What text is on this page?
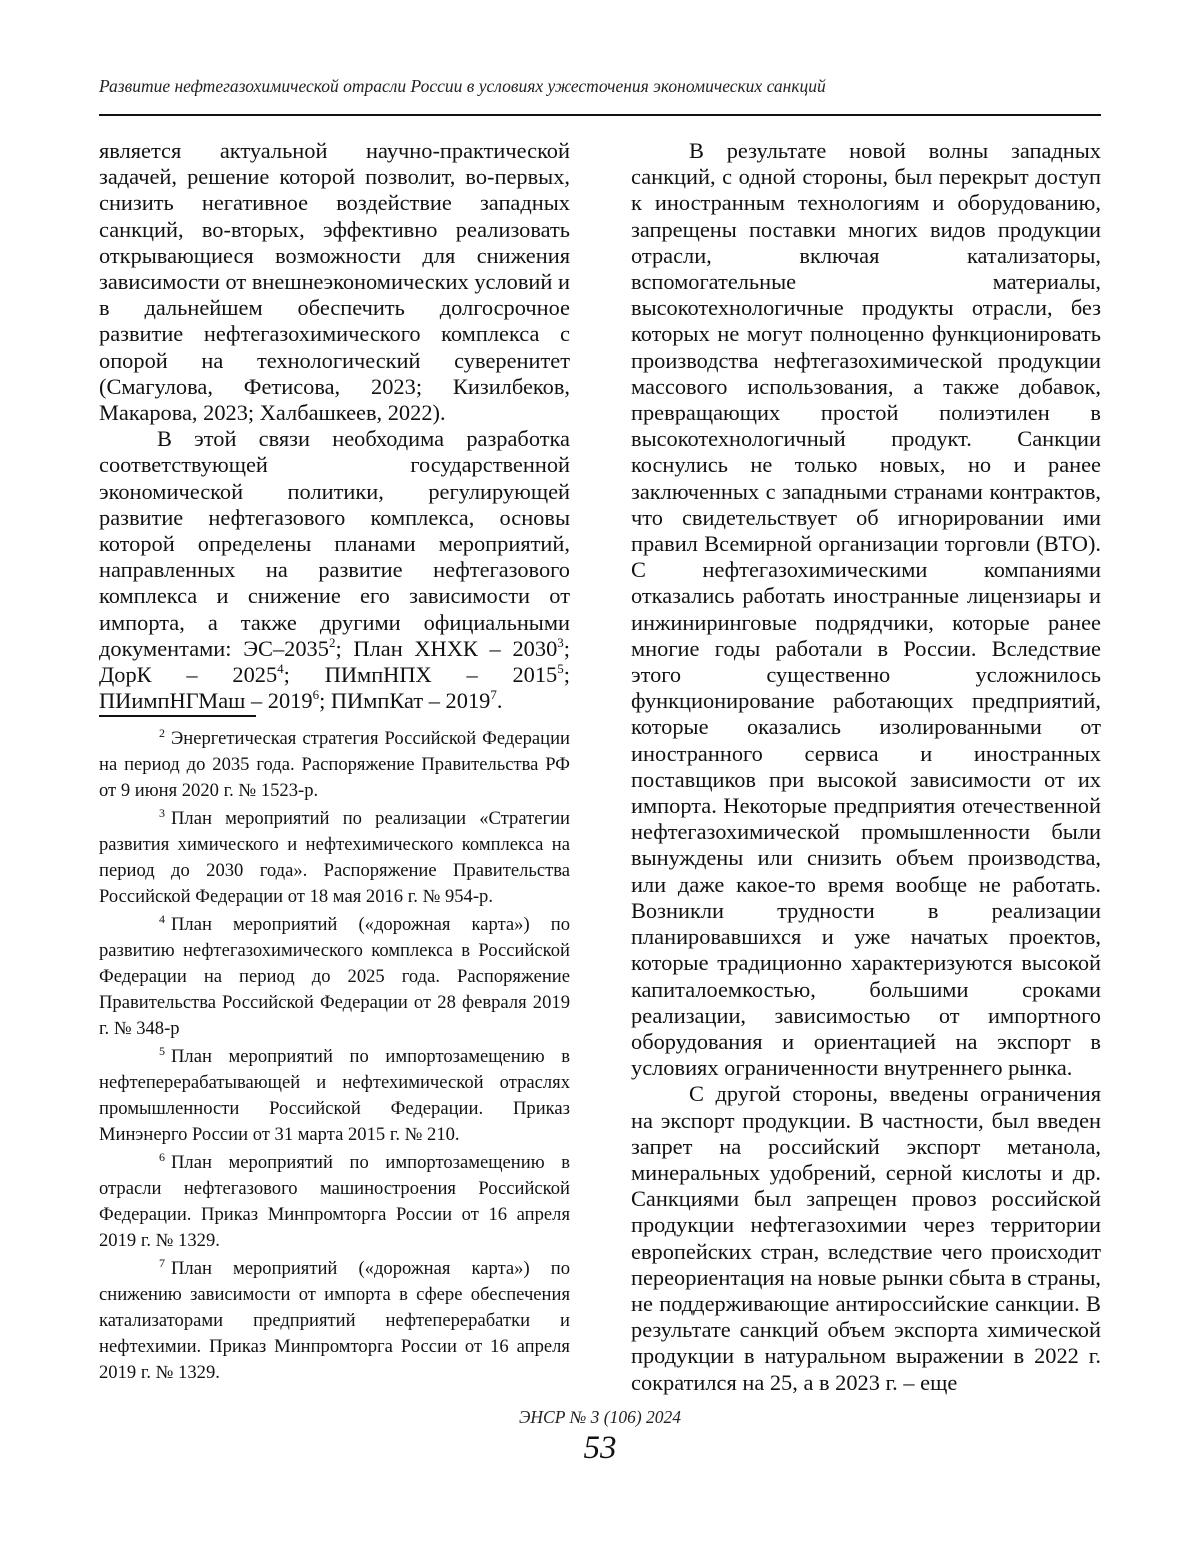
Развитие нефтегазохимической отрасли России в условиях ужесточения экономических санкций

является актуальной научно-практической задачей, решение которой позволит, во-первых, снизить негативное воздействие западных санкций, во-вторых, эффективно реализовать открывающиеся возможности для снижения зависимости от внешнеэкономических условий и в дальнейшем обеспечить долгосрочное развитие нефтегазохимического комплекса с опорой на технологический суверенитет (Смагулова, Фетисова, 2023; Кизилбеков, Макарова, 2023; Халбашкеев, 2022).

В этой связи необходима разработка соответствующей государственной экономической политики, регулирующей развитие нефтегазового комплекса, основы которой определены планами мероприятий, направленных на развитие нефтегазового комплекса и снижение его зависимости от импорта, а также другими официальными документами: ЭС–2035$^2$; План ХНХК – 2030$^3$; ДорК – 2025$^4$; ПИмпНПХ – 2015$^5$; ПИимпНГМаш – 2019$^6$; ПИмпКат – 2019$^7$.

$^2$ Энергетическая стратегия Российской Федерации на период до 2035 года. Распоряжение Правительства РФ от 9 июня 2020 г. № 1523-р.

$^3$ План мероприятий по реализации «Стратегии развития химического и нефтехимического комплекса на период до 2030 года». Распоряжение Правительства Российской Федерации от 18 мая 2016 г. № 954-р.

$^4$ План мероприятий («дорожная карта») по развитию нефтегазохимического комплекса в Российской Федерации на период до 2025 года. Распоряжение Правительства Российской Федерации от 28 февраля 2019 г. № 348-р

$^5$ План мероприятий по импортозамещению в нефтеперерабатывающей и нефтехимической отраслях промышленности Российской Федерации. Приказ Минэнерго России от 31 марта 2015 г. № 210.

$^6$ План мероприятий по импортозамещению в отрасли нефтегазового машиностроения Российской Федерации. Приказ Минпромторга России от 16 апреля 2019 г. № 1329.

$^7$ План мероприятий («дорожная карта») по снижению зависимости от импорта в сфере обеспечения катализаторами предприятий нефтеперерабатки и нефтехимии. Приказ Минпромторга России от 16 апреля 2019 г. № 1329.

В результате новой волны западных санкций, с одной стороны, был перекрыт доступ к иностранным технологиям и оборудованию, запрещены поставки многих видов продукции отрасли, включая катализаторы, вспомогательные материалы, высокотехнологичные продукты отрасли, без которых не могут полноценно функционировать производства нефтегазохимической продукции массового использования, а также добавок, превращающих простой полиэтилен в высокотехнологичный продукт. Санкции коснулись не только новых, но и ранее заключенных с западными странами контрактов, что свидетельствует об игнорировании ими правил Всемирной организации торговли (ВТО). С нефтегазохимическими компаниями отказались работать иностранные лицензиары и инжиниринговые подрядчики, которые ранее многие годы работали в России. Вследствие этого существенно усложнилось функционирование работающих предприятий, которые оказались изолированными от иностранного сервиса и иностранных поставщиков при высокой зависимости от их импорта. Некоторые предприятия отечественной нефтегазохимической промышленности были вынуждены или снизить объем производства, или даже какое-то время вообще не работать. Возникли трудности в реализации планировавшихся и уже начатых проектов, которые традиционно характеризуются высокой капиталоемкостью, большими сроками реализации, зависимостью от импортного оборудования и ориентацией на экспорт в условиях ограниченности внутреннего рынка.

С другой стороны, введены ограничения на экспорт продукции. В частности, был введен запрет на российский экспорт метанола, минеральных удобрений, серной кислоты и др. Санкциями был запрещен провоз российской продукции нефтегазохимии через территории европейских стран, вследствие чего происходит переориентация на новые рынки сбыта в страны, не поддерживающие антироссийские санкции. В результате санкций объем экспорта химической продукции в натуральном выражении в 2022 г. сократился на 25, а в 2023 г. – еще

ЭНСР № 3 (106) 2024
53
